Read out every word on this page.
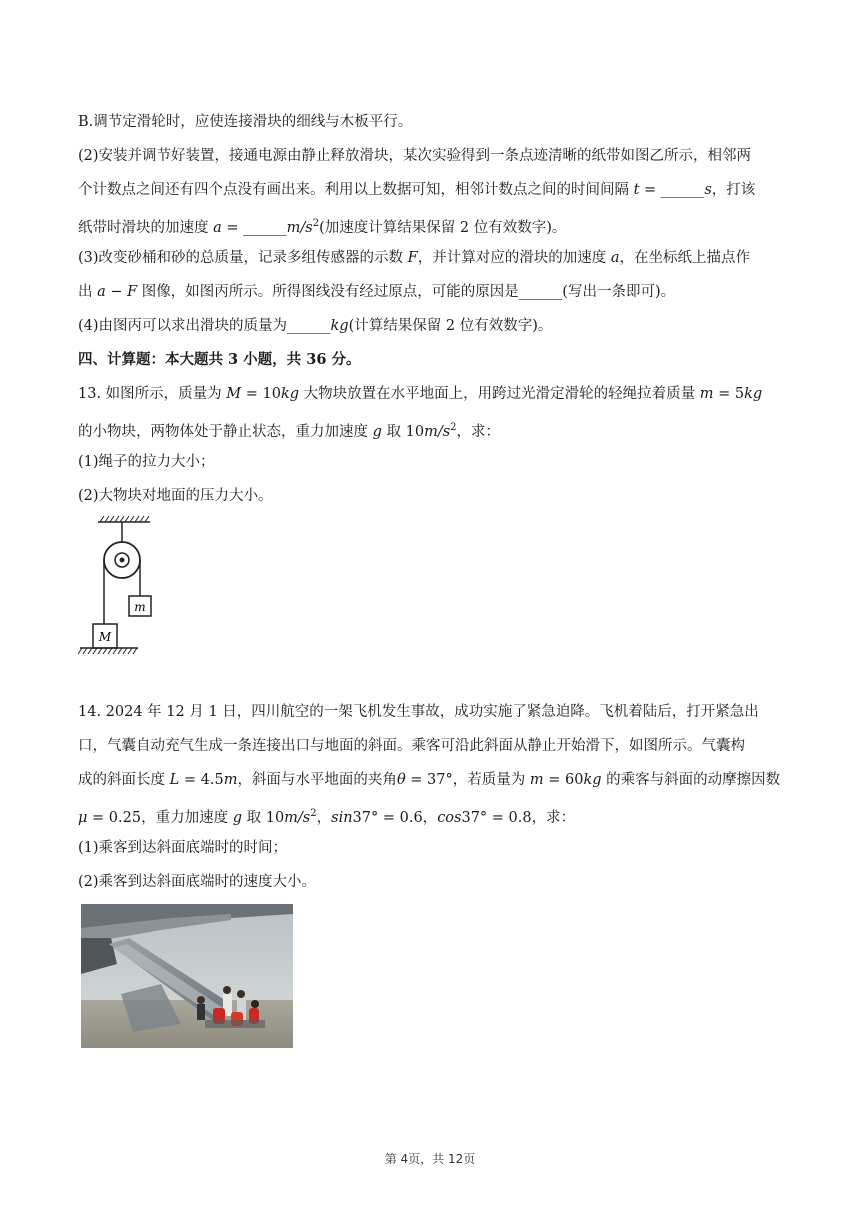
B.调节定滑轮时，应使连接滑块的细线与木板平行。
(2)安装并调节好装置，接通电源由静止释放滑块，某次实验得到一条点迹清晰的纸带如图乙所示，相邻两
个计数点之间还有四个点没有画出来。利用以上数据可知，相邻计数点之间的时间间隔 t = ______s，打该
纸带时滑块的加速度 $a = \_\_\_\_\_\_m/s^2$(加速度计算结果保留 2 位有效数字)。
(3)改变砂桶和砂的总质量，记录多组传感器的示数 F，并计算对应的滑块的加速度 a，在坐标纸上描点作
出 a − F 图像，如图丙所示。所得图线没有经过原点，可能的原因是______(写出一条即可)。
(4)由图丙可以求出滑块的质量为______kg(计算结果保留 2 位有效数字)。
四、计算题：本大题共 3 小题，共 36 分。
13. 如图所示，质量为 M = 10kg 大物块放置在水平地面上，用跨过光滑定滑轮的轻绳拉着质量 m = 5kg
的小物块，两物体处于静止状态，重力加速度 g 取 $10m/s^2$，求：
(1)绳子的拉力大小；
(2)大物块对地面的压力大小。
m
M
14. 2024 年 12 月 1 日，四川航空的一架飞机发生事故，成功实施了紧急迫降。飞机着陆后，打开紧急出
口，气囊自动充气生成一条连接出口与地面的斜面。乘客可沿此斜面从静止开始滑下，如图所示。气囊构
成的斜面长度 L = 4.5m，斜面与水平地面的夹角θ = 37°，若质量为 m = 60kg 的乘客与斜面的动摩擦因数
μ = 0.25，重力加速度 g 取 $10m/s^2$，sin37° = 0.6，cos37° = 0.8，求：
(1)乘客到达斜面底端时的时间；
(2)乘客到达斜面底端时的速度大小。
第 4页，共 12页
